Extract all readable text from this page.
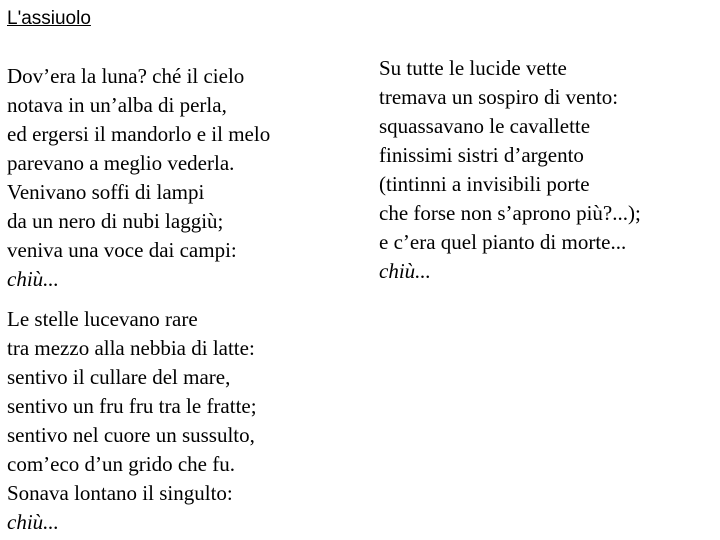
L'assiuolo
Dov’era la luna? ché il cielo
notava in un’alba di perla,
ed ergersi il mandorlo e il melo
parevano a meglio vederla.
Venivano soffi di lampi
da un nero di nubi laggiù;
veniva una voce dai campi:
chiù...
Le stelle lucevano rare
tra mezzo alla nebbia di latte:
sentivo il cullare del mare,
sentivo un fru fru tra le fratte;
sentivo nel cuore un sussulto,
com’eco d’un grido che fu.
Sonava lontano il singulto:
chiù...
Su tutte le lucide vette
tremava un sospiro di vento:
squassavano le cavallette
finissimi sistri d’argento
(tintinni a invisibili porte
che forse non s’aprono più?...);
e c’era quel pianto di morte...
chiù...
